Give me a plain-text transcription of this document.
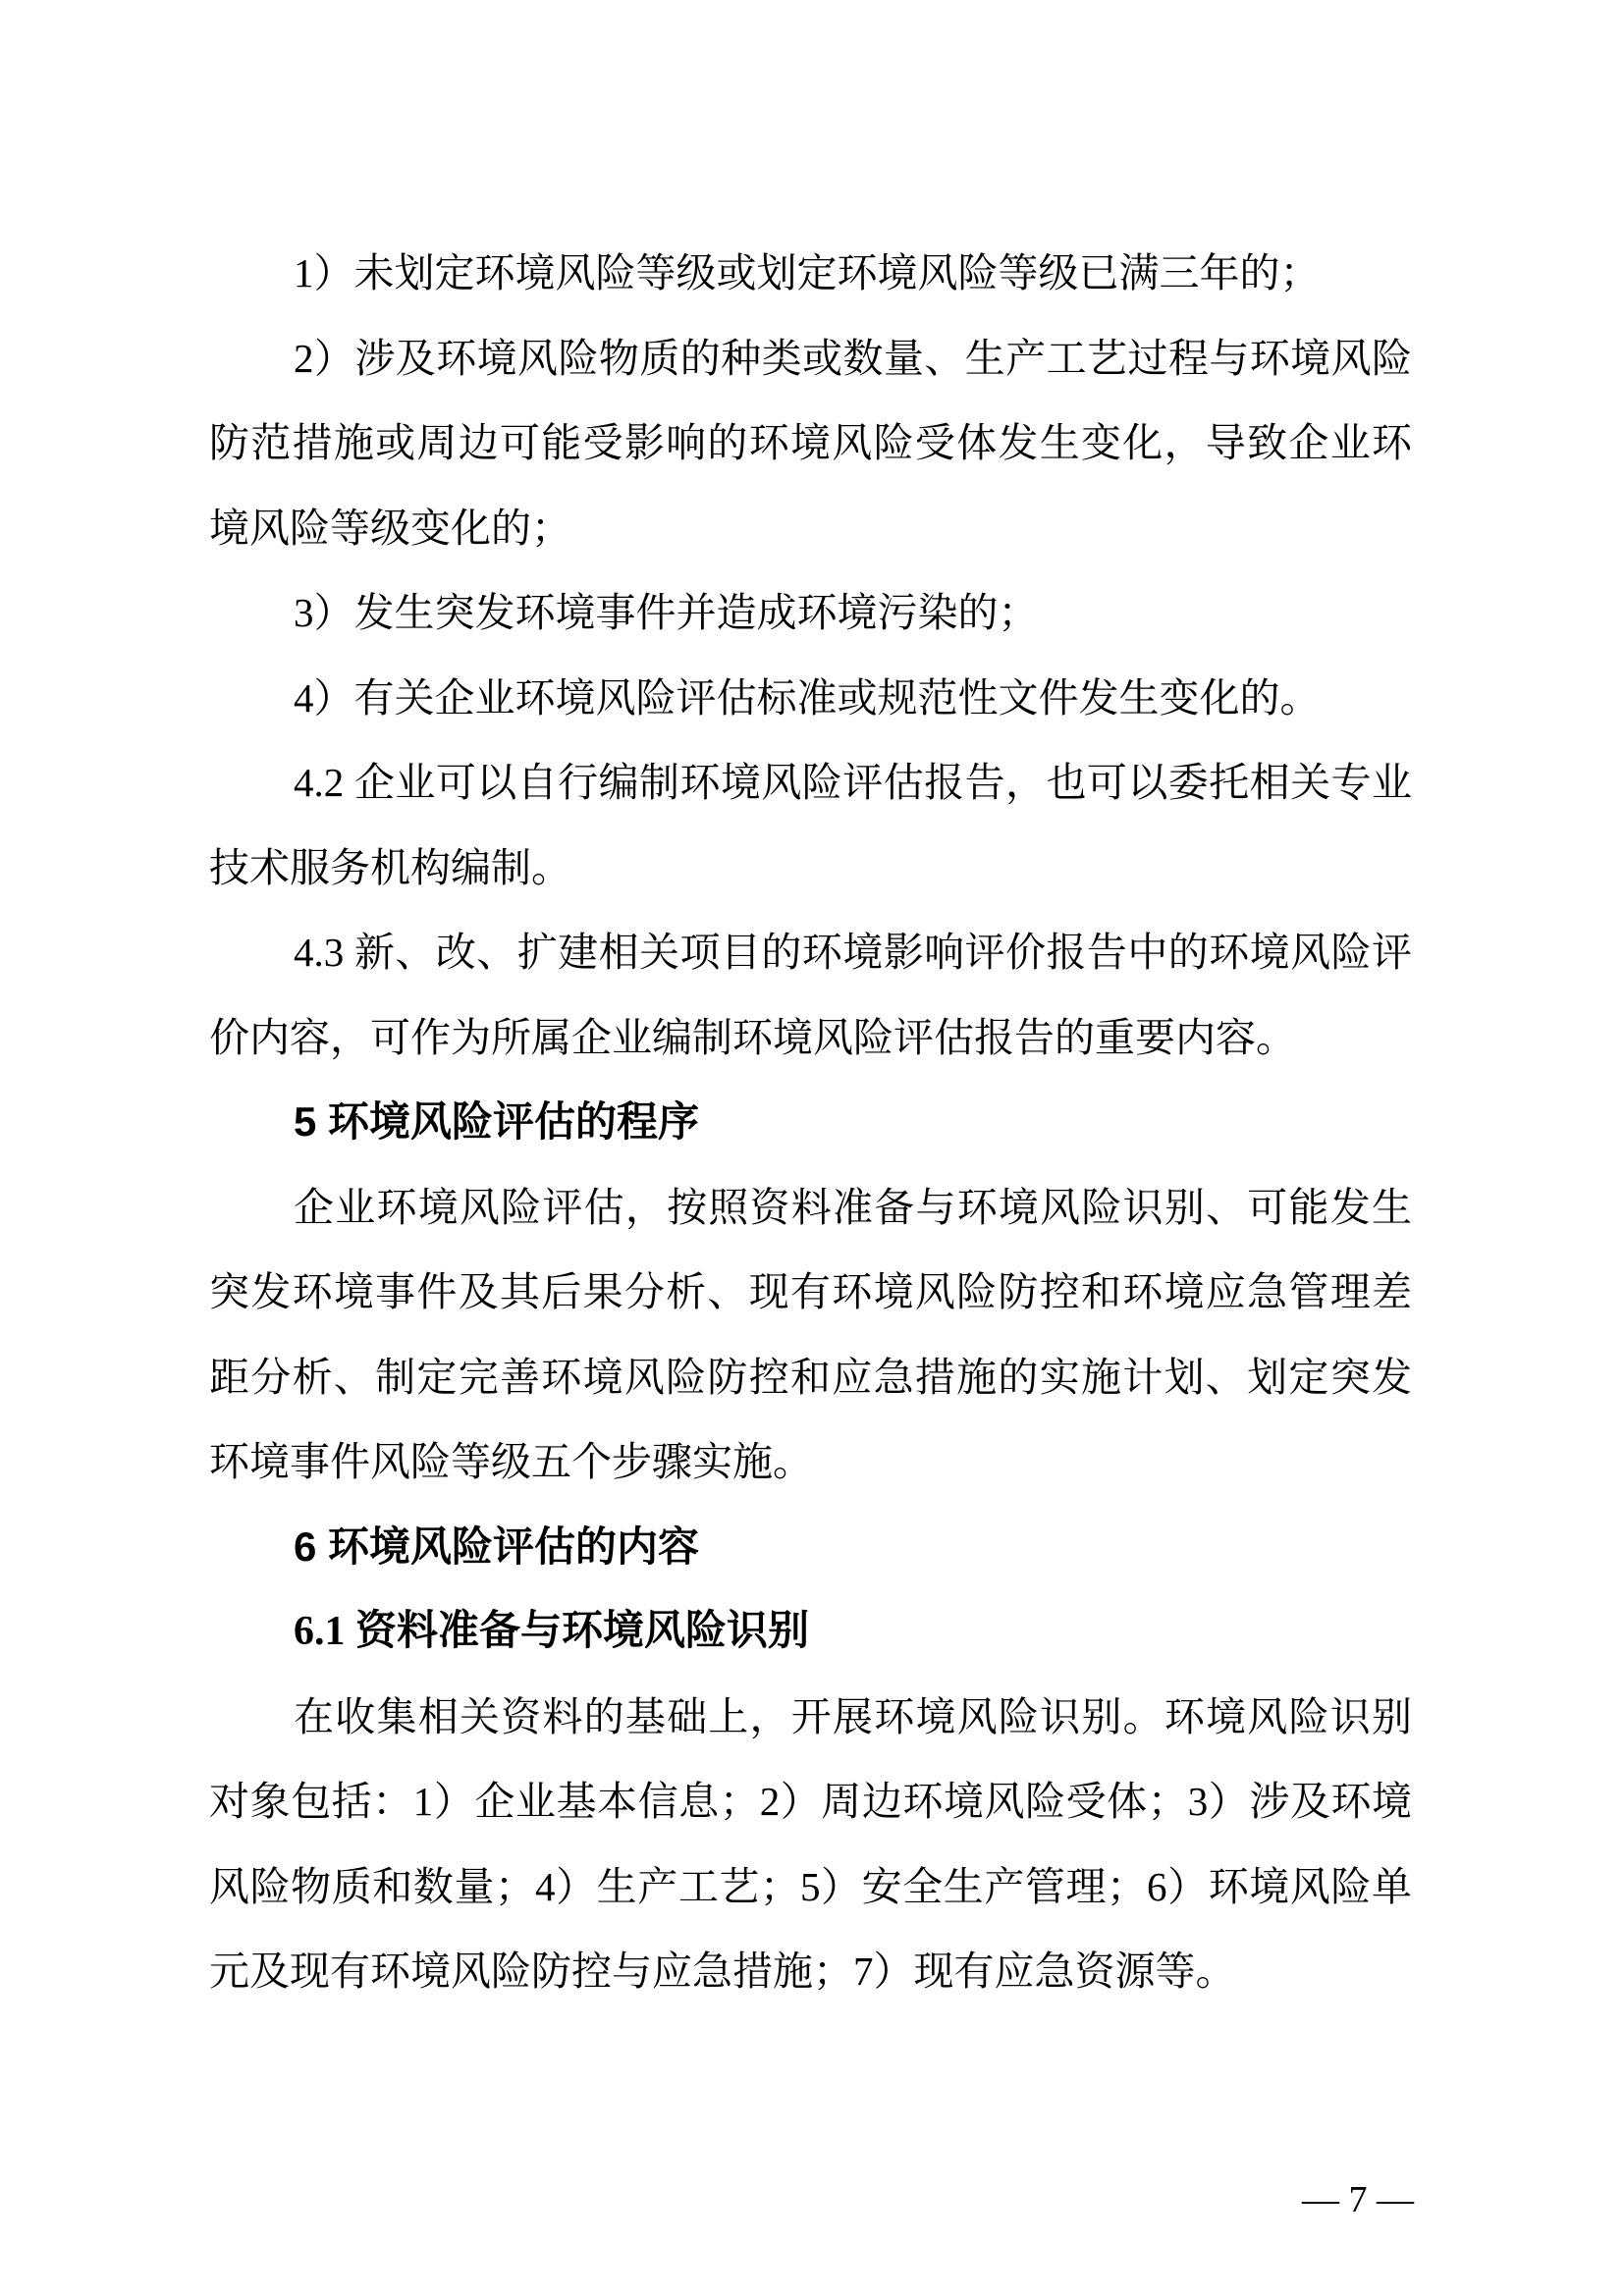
1）未划定环境风险等级或划定环境风险等级已满三年的；
2）涉及环境风险物质的种类或数量、生产工艺过程与环境风险
防范措施或周边可能受影响的环境风险受体发生变化，导致企业环
境风险等级变化的；
3）发生突发环境事件并造成环境污染的；
4）有关企业环境风险评估标准或规范性文件发生变化的。
4.2 企业可以自行编制环境风险评估报告，也可以委托相关专业
技术服务机构编制。
4.3 新、改、扩建相关项目的环境影响评价报告中的环境风险评
价内容，可作为所属企业编制环境风险评估报告的重要内容。
5 环境风险评估的程序
企业环境风险评估，按照资料准备与环境风险识别、可能发生
突发环境事件及其后果分析、现有环境风险防控和环境应急管理差
距分析、制定完善环境风险防控和应急措施的实施计划、划定突发
环境事件风险等级五个步骤实施。
6 环境风险评估的内容
6.1 资料准备与环境风险识别
在收集相关资料的基础上，开展环境风险识别。环境风险识别
对象包括：1）企业基本信息；2）周边环境风险受体；3）涉及环境
风险物质和数量；4）生产工艺；5）安全生产管理；6）环境风险单
元及现有环境风险防控与应急措施；7）现有应急资源等。

— 7 —
